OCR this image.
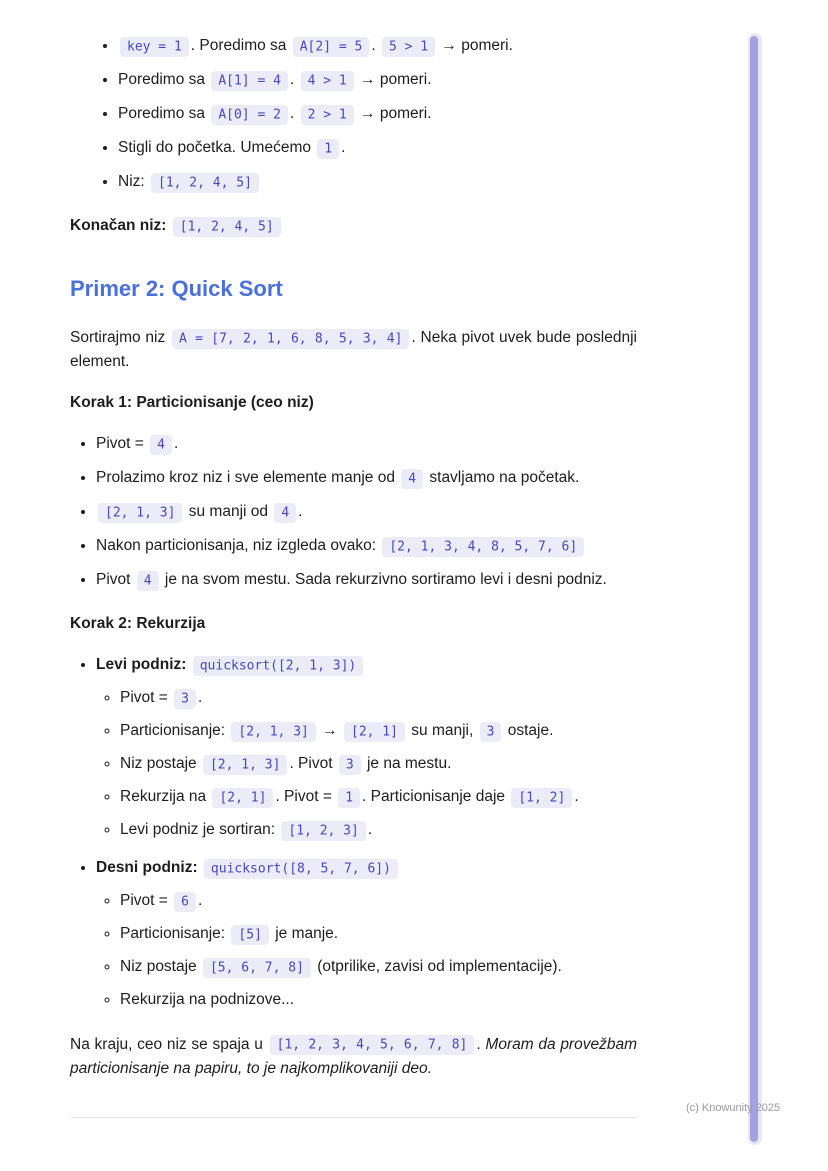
• key = 1 . Poredimo sa A[2] = 5 . 5 > 1 → pomeri.
• Poredimo sa A[1] = 4 . 4 > 1 → pomeri.
• Poredimo sa A[0] = 2 . 2 > 1 → pomeri.
• Stigli do početka. Umećemo 1 .
• Niz: [1, 2, 4, 5]

Konačan niz: [1, 2, 4, 5]

Primer 2: Quick Sort

Sortirajmo niz A = [7, 2, 1, 6, 8, 5, 3, 4] . Neka pivot uvek bude poslednji element.

Korak 1: Particionisanje (ceo niz)

• Pivot = 4 .
• Prolazimo kroz niz i sve elemente manje od 4 stavljamo na početak.
• [2, 1, 3] su manji od 4 .
• Nakon particionisanja, niz izgleda ovako: [2, 1, 3, 4, 8, 5, 7, 6]
• Pivot 4 je na svom mestu. Sada rekurzivno sortiramo levi i desni podniz.

Korak 2: Rekurzija

• Levi podniz: quicksort([2, 1, 3])
◦ Pivot = 3 .
◦ Particionisanje: [2, 1, 3] → [2, 1] su manji, 3 ostaje.
◦ Niz postaje [2, 1, 3] . Pivot 3 je na mestu.
◦ Rekurzija na [2, 1] . Pivot = 1 . Particionisanje daje [1, 2] .
◦ Levi podniz je sortiran: [1, 2, 3] .
• Desni podniz: quicksort([8, 5, 7, 6])
◦ Pivot = 6 .
◦ Particionisanje: [5] je manje.
◦ Niz postaje [5, 6, 7, 8] (otprilike, zavisi od implementacije).
◦ Rekurzija na podnizove...

Na kraju, ceo niz se spaja u [1, 2, 3, 4, 5, 6, 7, 8] . Moram da provežbam particionisanje na papiru, to je najkomplikovaniji deo.

(c) Knowunity 2025
